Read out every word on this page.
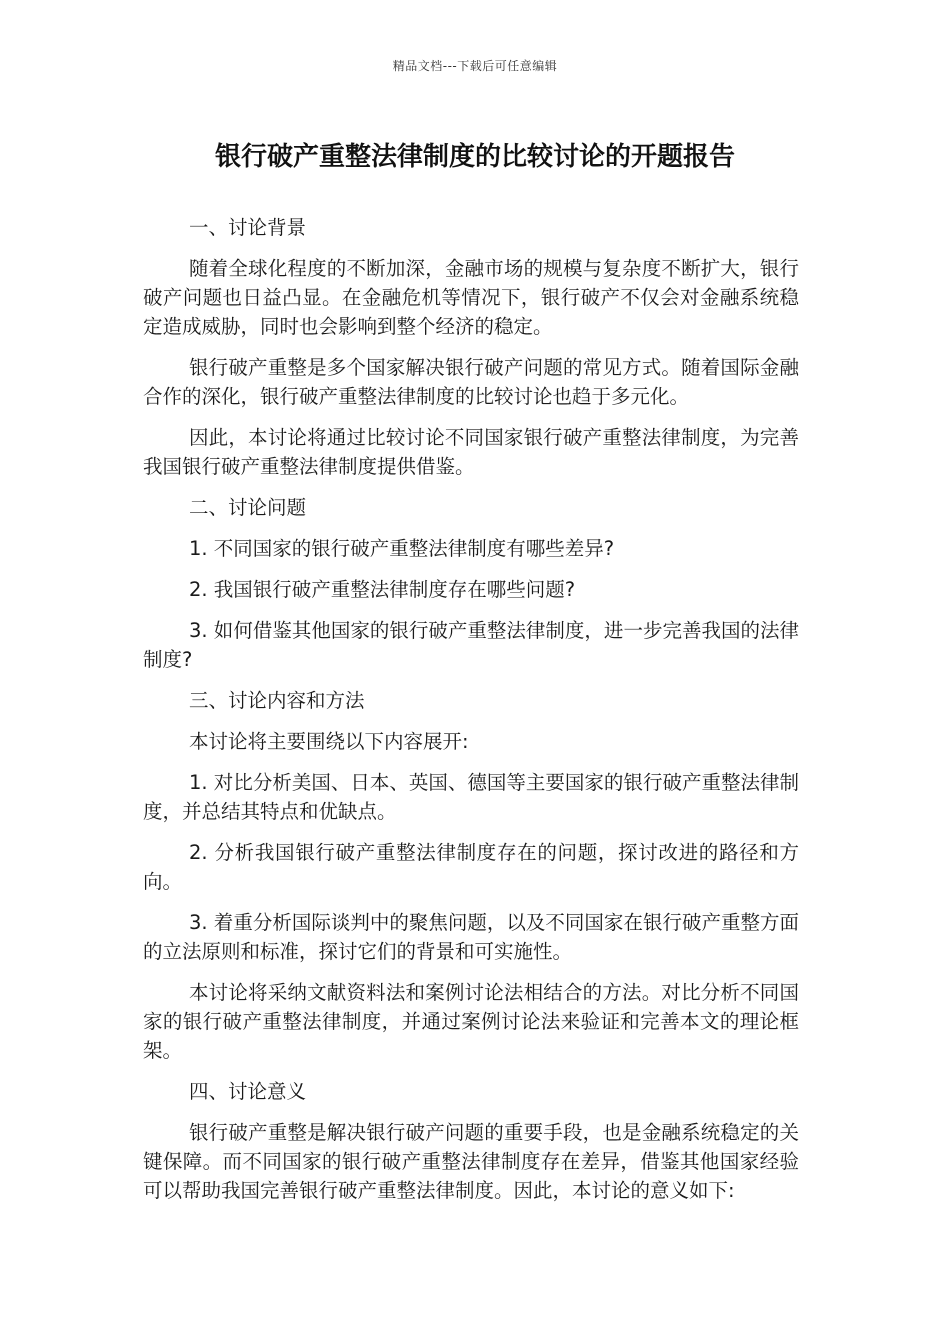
精品文档---下载后可任意编辑
银行破产重整法律制度的比较讨论的开题报告

一、讨论背景

随着全球化程度的不断加深，金融市场的规模与复杂度不断扩大，银行破产问题也日益凸显。在金融危机等情况下，银行破产不仅会对金融系统稳定造成威胁，同时也会影响到整个经济的稳定。

银行破产重整是多个国家解决银行破产问题的常见方式。随着国际金融合作的深化，银行破产重整法律制度的比较讨论也趋于多元化。

因此，本讨论将通过比较讨论不同国家银行破产重整法律制度，为完善我国银行破产重整法律制度提供借鉴。

二、讨论问题

1. 不同国家的银行破产重整法律制度有哪些差异?

2. 我国银行破产重整法律制度存在哪些问题?

3. 如何借鉴其他国家的银行破产重整法律制度，进一步完善我国的法律制度?

三、讨论内容和方法

本讨论将主要围绕以下内容展开:

1. 对比分析美国、日本、英国、德国等主要国家的银行破产重整法律制度，并总结其特点和优缺点。

2. 分析我国银行破产重整法律制度存在的问题，探讨改进的路径和方向。

3. 着重分析国际谈判中的聚焦问题，以及不同国家在银行破产重整方面的立法原则和标准，探讨它们的背景和可实施性。

本讨论将采纳文献资料法和案例讨论法相结合的方法。对比分析不同国家的银行破产重整法律制度，并通过案例讨论法来验证和完善本文的理论框架。

四、讨论意义

银行破产重整是解决银行破产问题的重要手段，也是金融系统稳定的关键保障。而不同国家的银行破产重整法律制度存在差异，借鉴其他国家经验可以帮助我国完善银行破产重整法律制度。因此，本讨论的意义如下:
